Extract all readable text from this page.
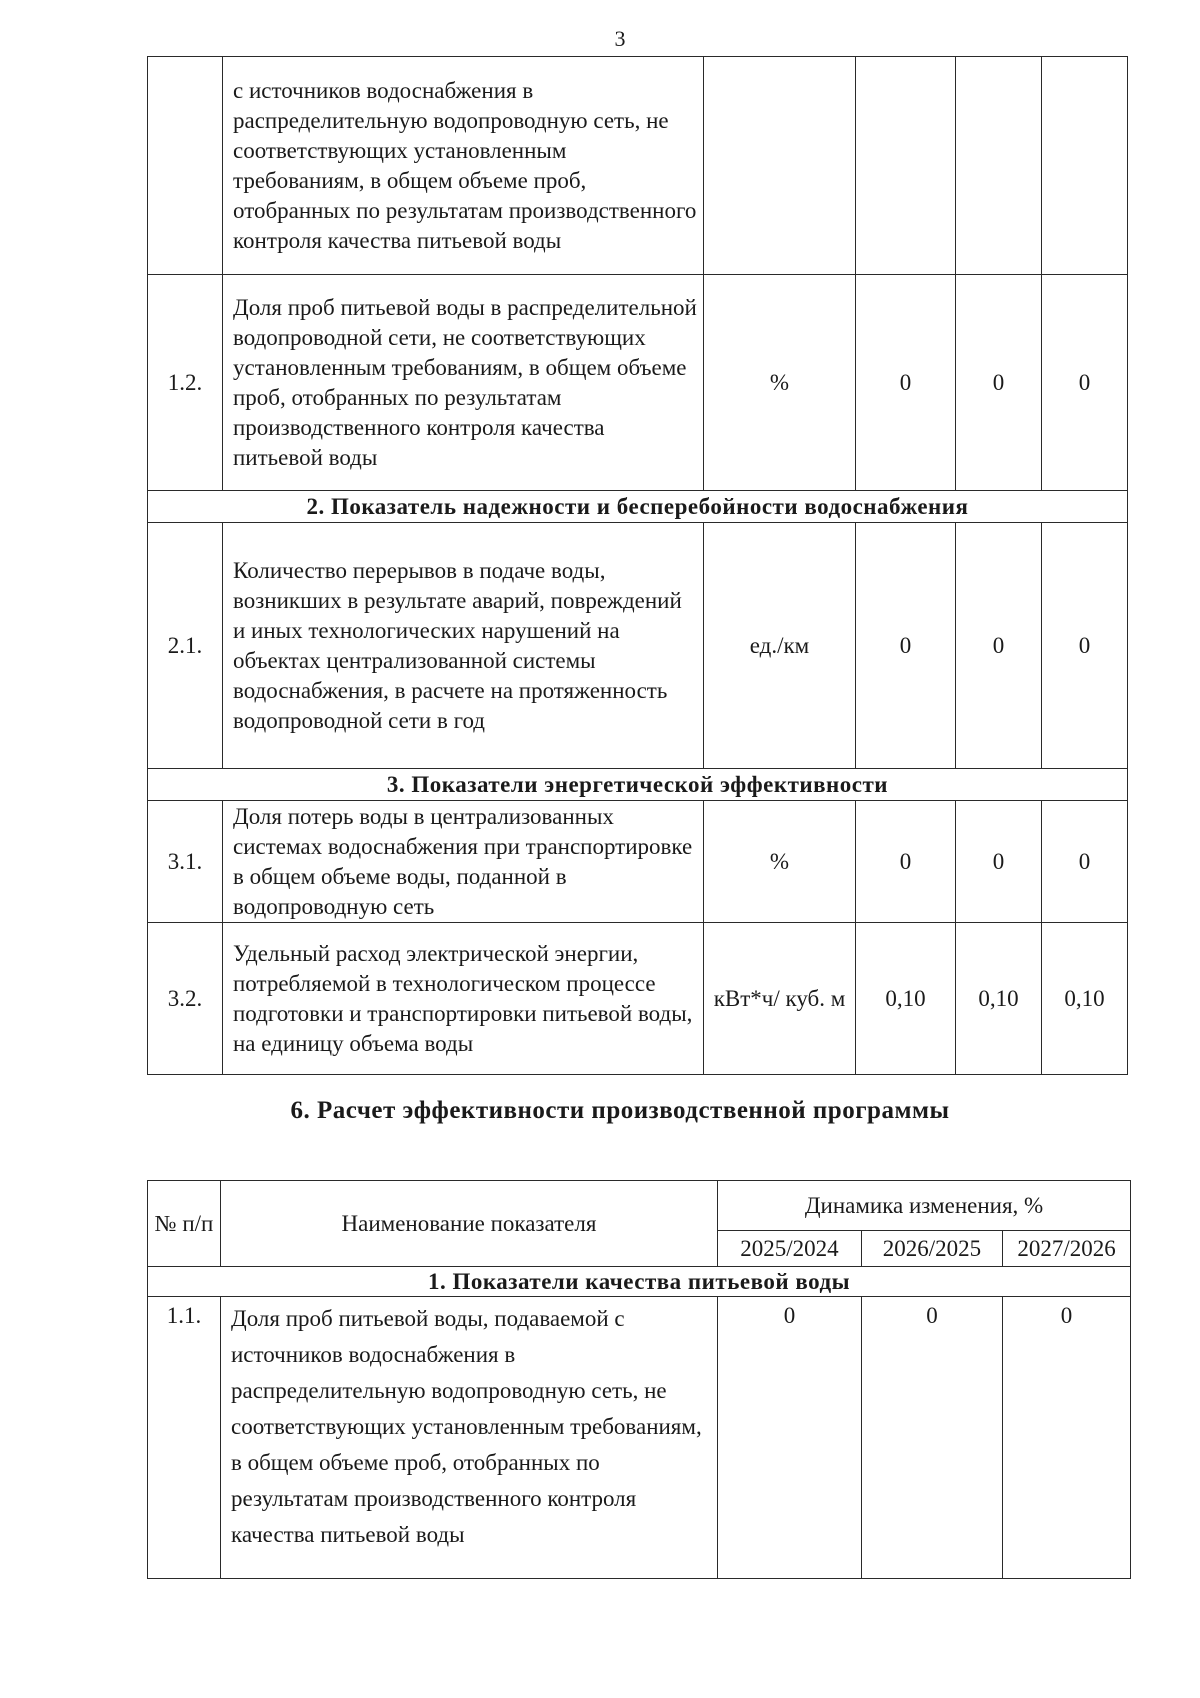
3
	с источников водоснабжения в распределительную водопроводную сеть, не соответствующих установленным требованиям, в общем объеме проб, отобранных по результатам производственного контроля качества питьевой воды				
1.2.	Доля проб питьевой воды в распределительной водопроводной сети, не соответствующих установленным требованиям, в общем объеме проб, отобранных по результатам производственного контроля качества питьевой воды	%	0	0	0
2. Показатель надежности и бесперебойности водоснабжения					
2.1.	Количество перерывов в подаче воды, возникших в результате аварий, повреждений и иных технологических нарушений на объектах централизованной системы водоснабжения, в расчете на протяженность водопроводной сети в год	ед./км	0	0	0
3. Показатели энергетической эффективности					
3.1.	Доля потерь воды в централизованных системах водоснабжения при транспортировке в общем объеме воды, поданной в водопроводную сеть	%	0	0	0
3.2.	Удельный расход электрической энергии, потребляемой в технологическом процессе подготовки и транспортировки питьевой воды, на единицу объема воды	кВт*ч/ куб. м	0,10	0,10	0,10
6. Расчет эффективности производственной программы
№ п/п	Наименование показателя	Динамика изменения, %		
		2025/2024	2026/2025	2027/2026
1. Показатели качества питьевой воды				
1.1.	Доля проб питьевой воды, подаваемой с источников водоснабжения в распределительную водопроводную сеть, не соответствующих установленным требованиям, в общем объеме проб, отобранных по результатам производственного контроля качества питьевой воды	0	0	0
